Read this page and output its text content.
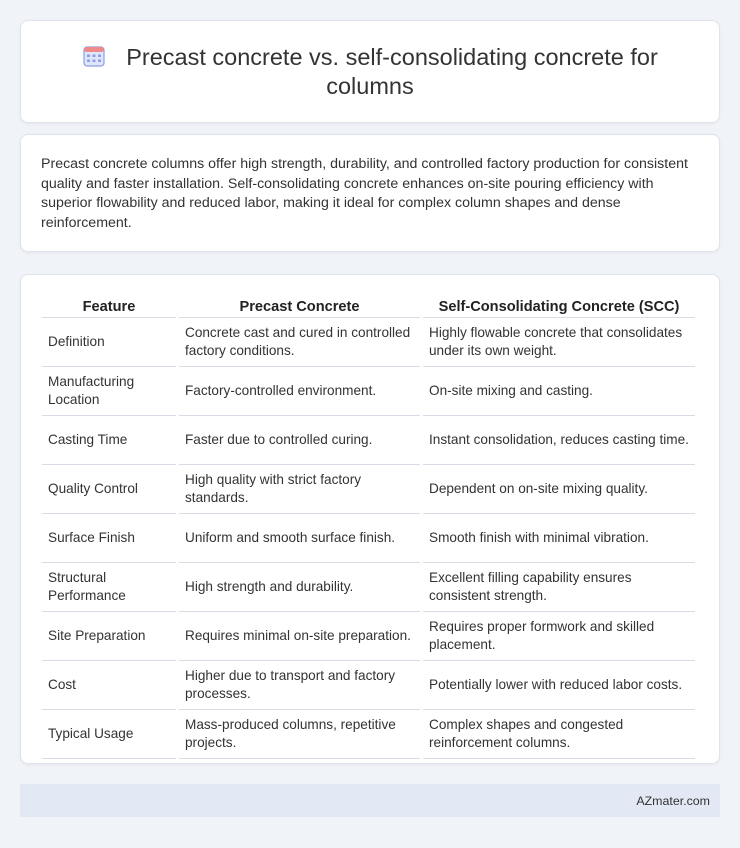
Precast concrete vs. self-consolidating concrete for columns

Precast concrete columns offer high strength, durability, and controlled factory production for consistent quality and faster installation. Self-consolidating concrete enhances on-site pouring efficiency with superior flowability and reduced labor, making it ideal for complex column shapes and dense reinforcement.

Feature	Precast Concrete	Self-Consolidating Concrete (SCC)
Definition	Concrete cast and cured in controlled factory conditions.	Highly flowable concrete that consolidates under its own weight.
Manufacturing Location	Factory-controlled environment.	On-site mixing and casting.
Casting Time	Faster due to controlled curing.	Instant consolidation, reduces casting time.
Quality Control	High quality with strict factory standards.	Dependent on on-site mixing quality.
Surface Finish	Uniform and smooth surface finish.	Smooth finish with minimal vibration.
Structural Performance	High strength and durability.	Excellent filling capability ensures consistent strength.
Site Preparation	Requires minimal on-site preparation.	Requires proper formwork and skilled placement.
Cost	Higher due to transport and factory processes.	Potentially lower with reduced labor costs.
Typical Usage	Mass-produced columns, repetitive projects.	Complex shapes and congested reinforcement columns.
AZmater.com
